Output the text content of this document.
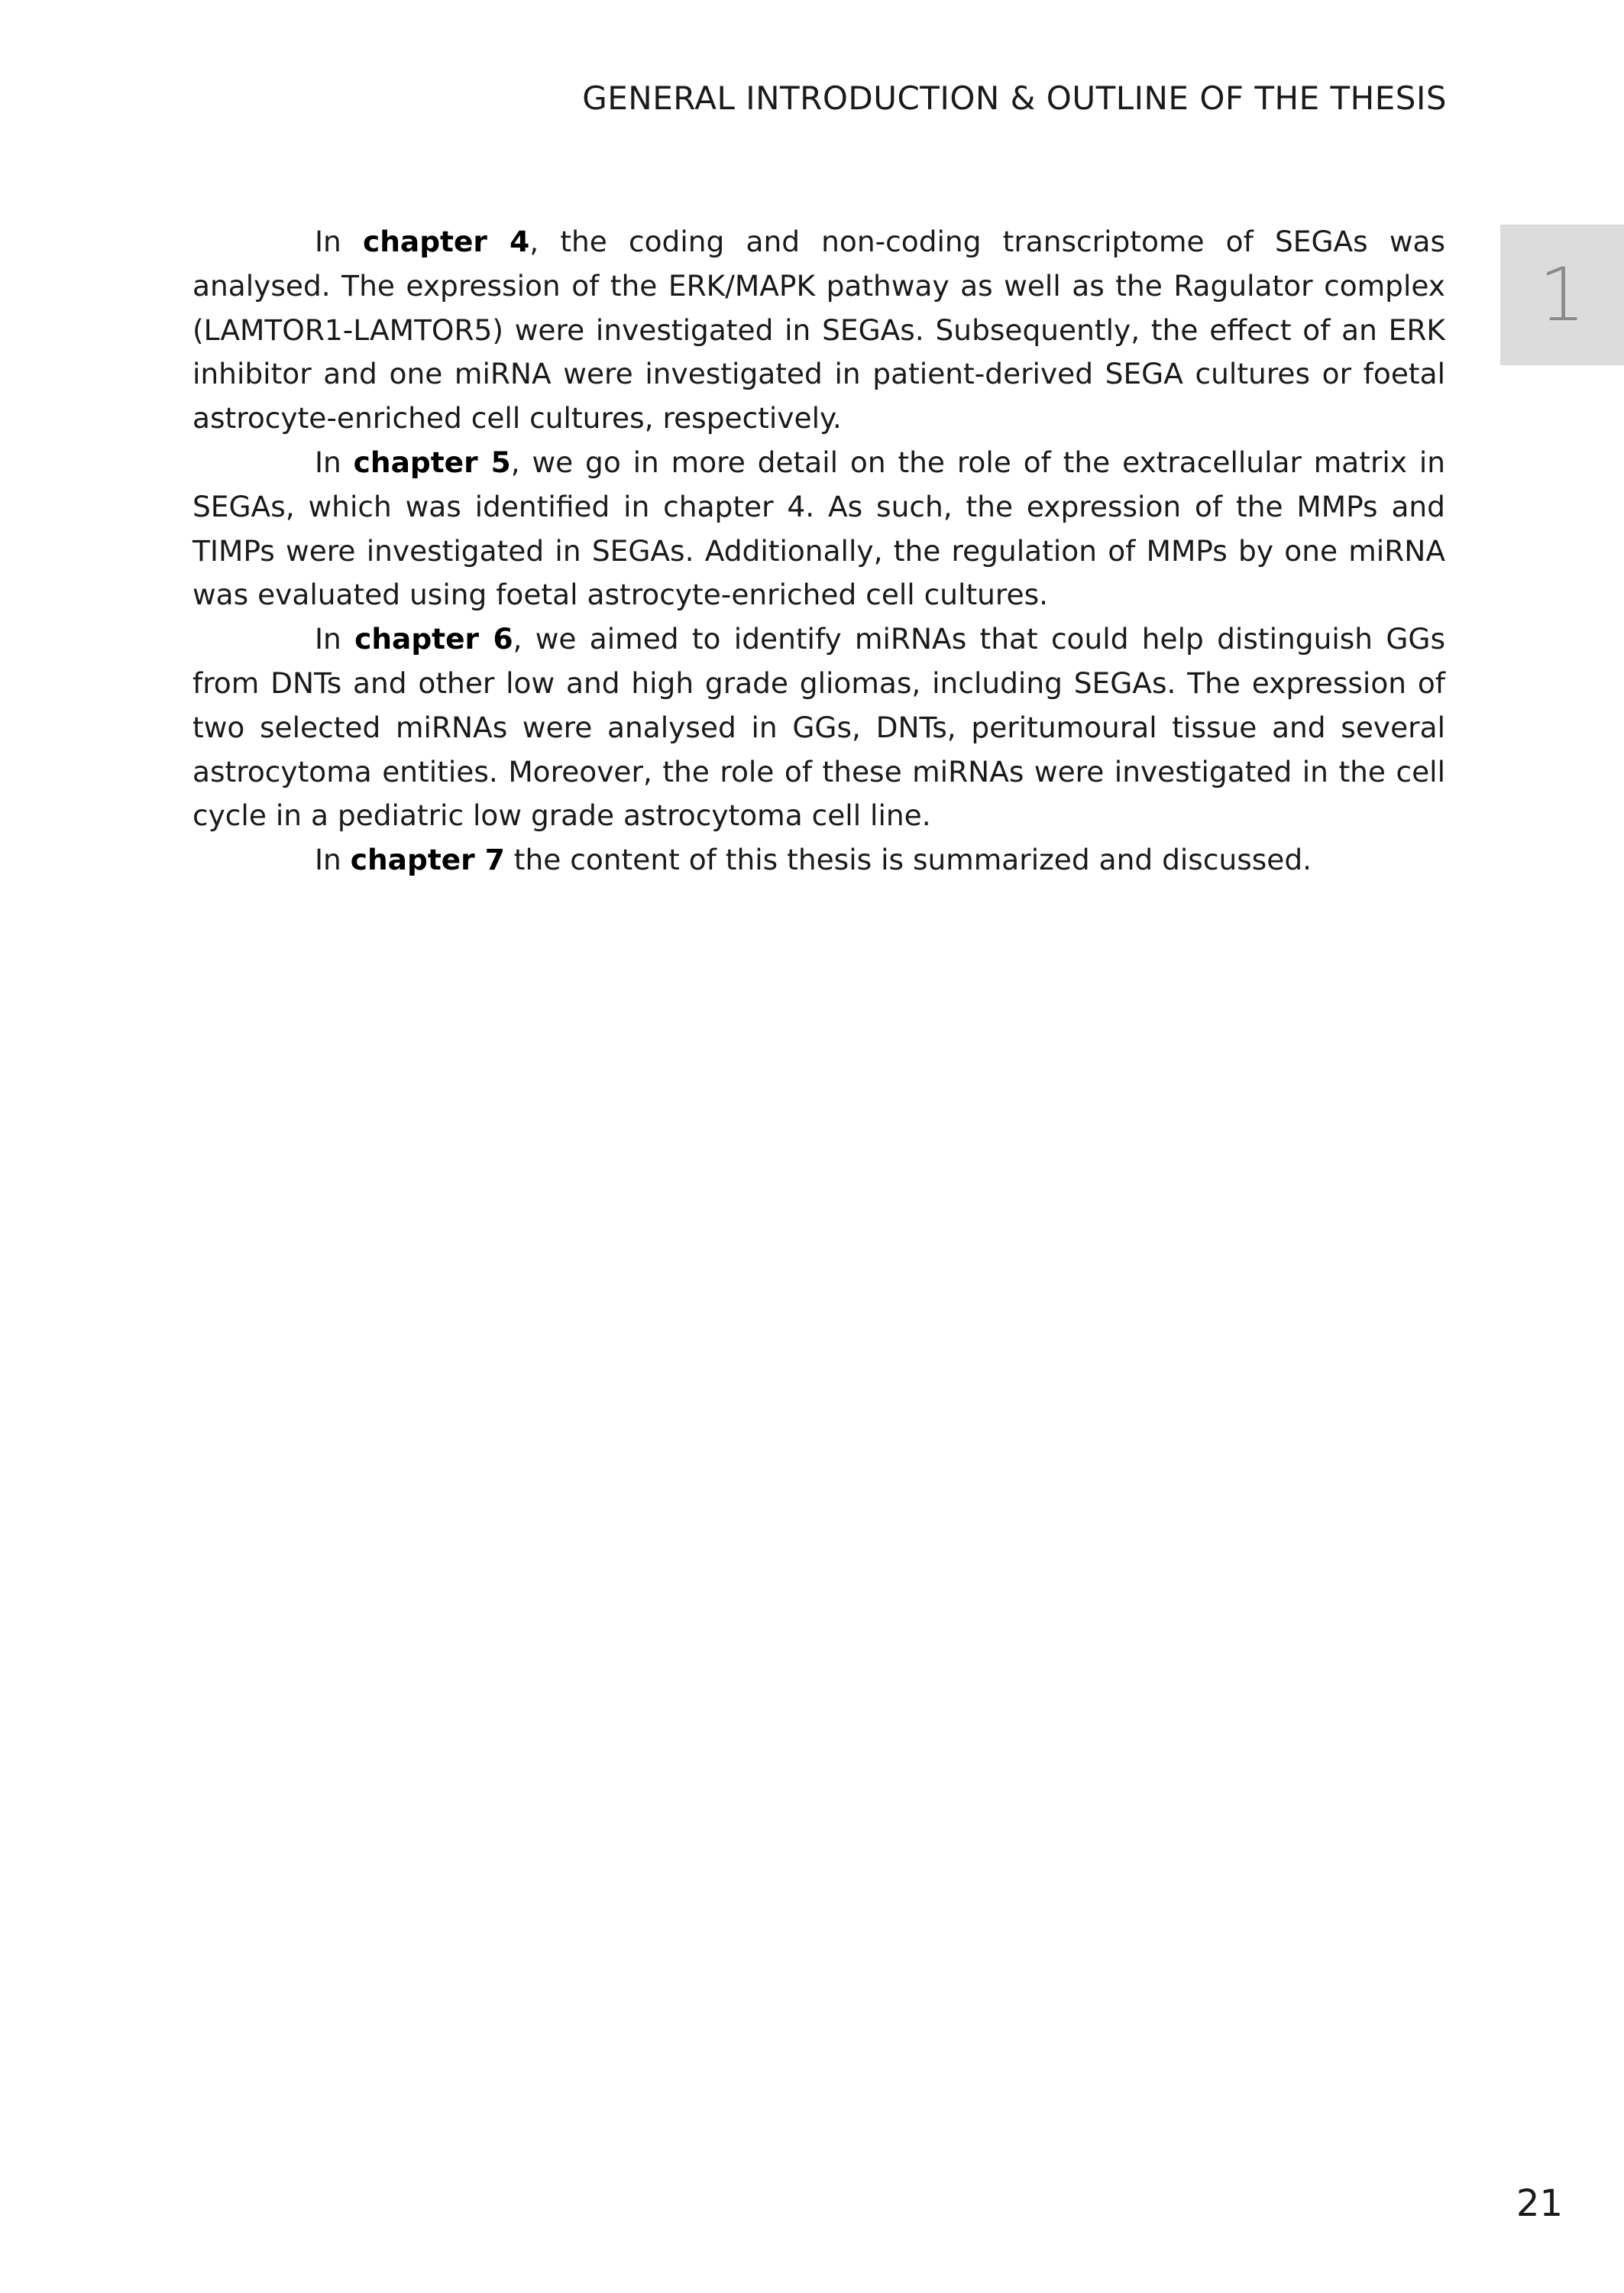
GENERAL INTRODUCTION & OUTLINE OF THE THESIS
1

In chapter 4, the coding and non-coding transcriptome of SEGAs was analysed. The expression of the ERK/MAPK pathway as well as the Ragulator complex (LAMTOR1-LAMTOR5) were investigated in SEGAs. Subsequently, the effect of an ERK inhibitor and one miRNA were investigated in patient-derived SEGA cultures or foetal astrocyte-enriched cell cultures, respectively.

In chapter 5, we go in more detail on the role of the extracellular matrix in SEGAs, which was identified in chapter 4. As such, the expression of the MMPs and TIMPs were investigated in SEGAs. Additionally, the regulation of MMPs by one miRNA was evaluated using foetal astrocyte-enriched cell cultures.

In chapter 6, we aimed to identify miRNAs that could help distinguish GGs from DNTs and other low and high grade gliomas, including SEGAs. The expression of two selected miRNAs were analysed in GGs, DNTs, peritumoural tissue and several astrocytoma entities. Moreover, the role of these miRNAs were investigated in the cell cycle in a pediatric low grade astrocytoma cell line.

In chapter 7 the content of this thesis is summarized and discussed.

21
